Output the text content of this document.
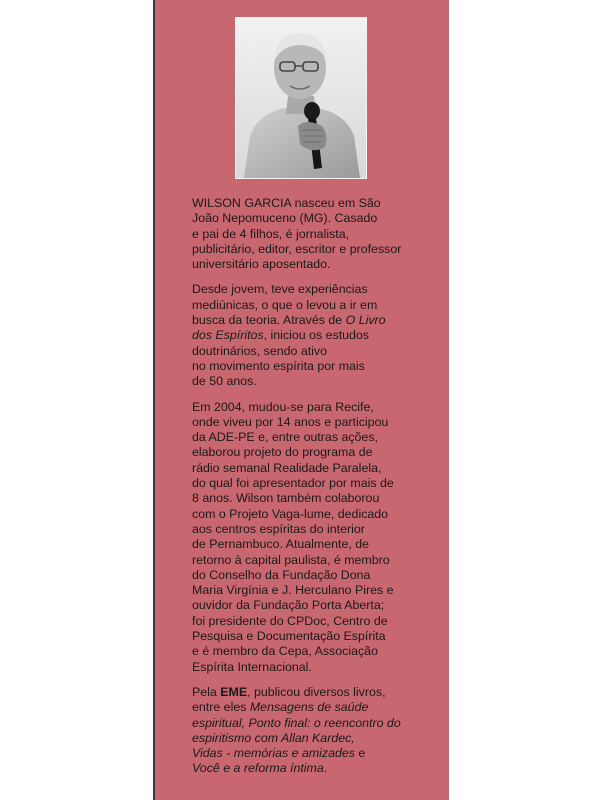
WILSON GARCIA nasceu em São
João Nepomuceno (MG). Casado
e pai de 4 filhos, é jornalista,
publicitário, editor, escritor e professor
universitário aposentado.

Desde jovem, teve experiências
mediúnicas, o que o levou a ir em
busca da teoria. Através de O Livro
dos Espíritos, iniciou os estudos
doutrinários, sendo ativo
no movimento espírita por mais
de 50 anos.

Em 2004, mudou-se para Recife,
onde viveu por 14 anos e participou
da ADE-PE e, entre outras ações,
elaborou projeto do programa de
rádio semanal Realidade Paralela,
do qual foi apresentador por mais de
8 anos. Wilson também colaborou
com o Projeto Vaga-lume, dedicado
aos centros espíritas do interior
de Pernambuco. Atualmente, de
retorno à capital paulista, é membro
do Conselho da Fundação Dona
Maria Virgínia e J. Herculano Pires e
ouvidor da Fundação Porta Aberta;
foi presidente do CPDoc, Centro de
Pesquisa e Documentação Espírita
e é membro da Cepa, Associação
Espírita Internacional.

Pela EME, publicou diversos livros,
entre eles Mensagens de saúde
espiritual, Ponto final: o reencontro do
espiritismo com Allan Kardec,
Vidas - memórias e amizades e
Você e a reforma íntima.
